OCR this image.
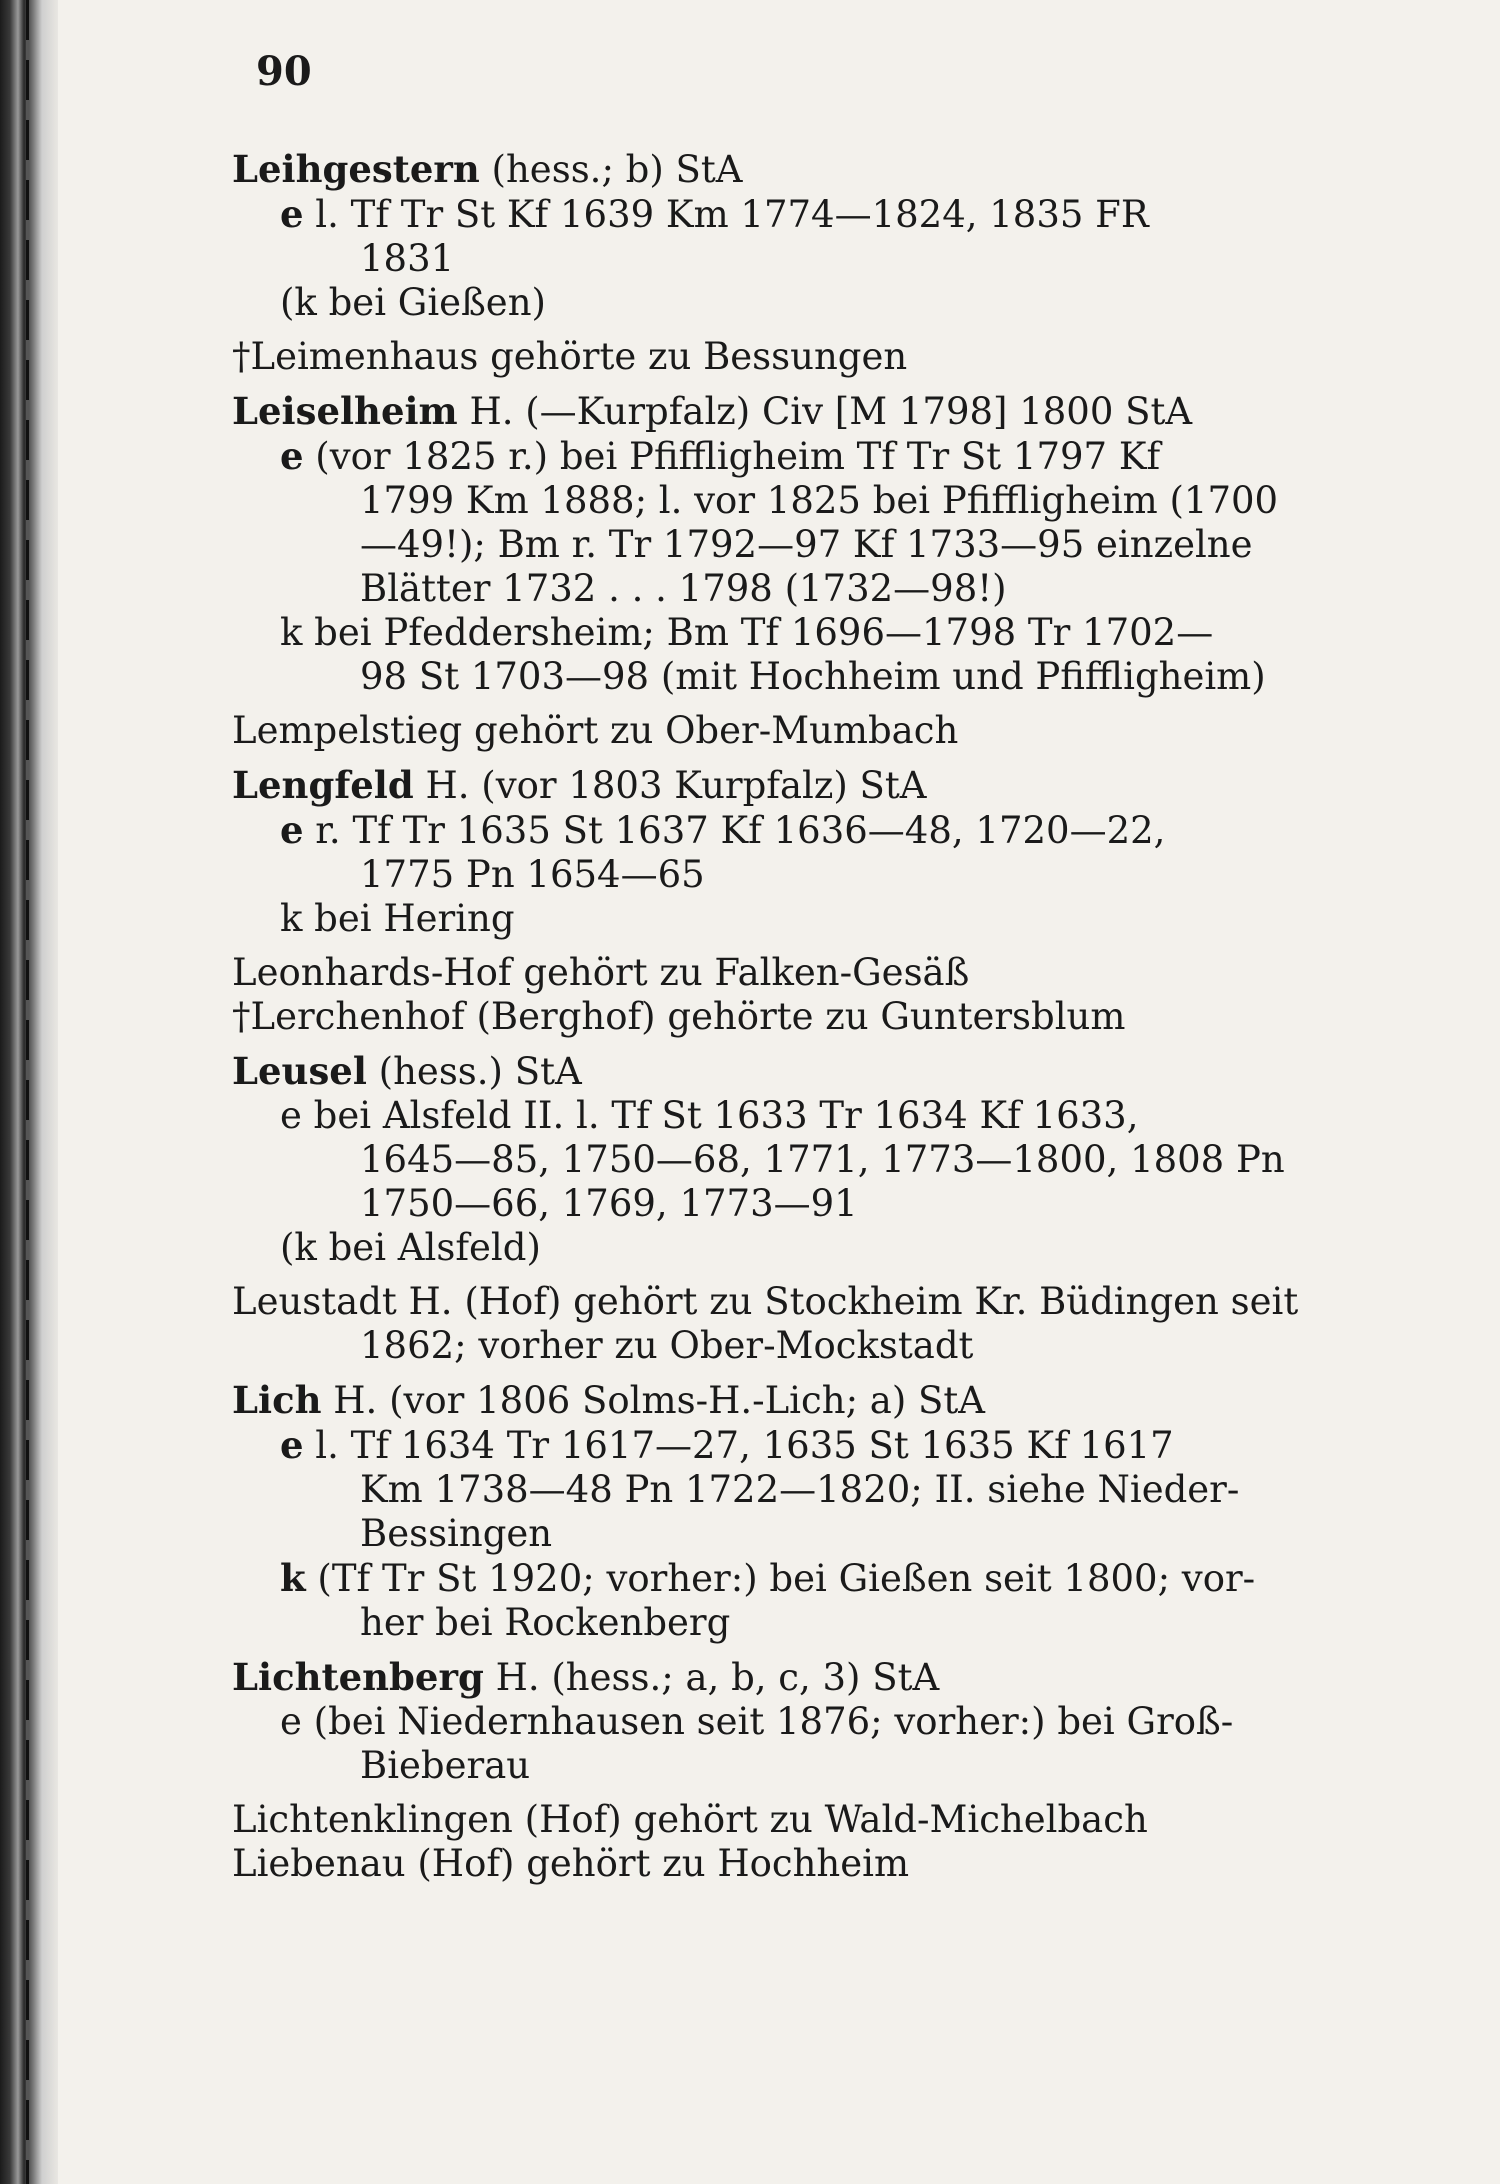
90
Leihgestern (hess.; b) StA
e l. Tf Tr St Kf 1639 Km 1774—1824, 1835 FR
1831
(k bei Gießen)
†Leimenhaus gehörte zu Bessungen
Leiselheim H. (—Kurpfalz) Civ [M 1798] 1800 StA
e (vor 1825 r.) bei Pfiffligheim Tf Tr St 1797 Kf
1799 Km 1888; l. vor 1825 bei Pfiffligheim (1700
—49!); Bm r. Tr 1792—97 Kf 1733—95 einzelne
Blätter 1732 . . . 1798 (1732—98!)
k bei Pfeddersheim; Bm Tf 1696—1798 Tr 1702—
98 St 1703—98 (mit Hochheim und Pfiffligheim)
Lempelstieg gehört zu Ober-Mumbach
Lengfeld H. (vor 1803 Kurpfalz) StA
e r. Tf Tr 1635 St 1637 Kf 1636—48, 1720—22,
1775 Pn 1654—65
k bei Hering
Leonhards-Hof gehört zu Falken-Gesäß
†Lerchenhof (Berghof) gehörte zu Guntersblum
Leusel (hess.) StA
e bei Alsfeld II. l. Tf St 1633 Tr 1634 Kf 1633,
1645—85, 1750—68, 1771, 1773—1800, 1808 Pn
1750—66, 1769, 1773—91
(k bei Alsfeld)
Leustadt H. (Hof) gehört zu Stockheim Kr. Büdingen seit
1862; vorher zu Ober-Mockstadt
Lich H. (vor 1806 Solms-H.-Lich; a) StA
e l. Tf 1634 Tr 1617—27, 1635 St 1635 Kf 1617
Km 1738—48 Pn 1722—1820; II. siehe Nieder-
Bessingen
k (Tf Tr St 1920; vorher:) bei Gießen seit 1800; vor-
her bei Rockenberg
Lichtenberg H. (hess.; a, b, c, 3) StA
e (bei Niedernhausen seit 1876; vorher:) bei Groß-
Bieberau
Lichtenklingen (Hof) gehört zu Wald-Michelbach
Liebenau (Hof) gehört zu Hochheim
